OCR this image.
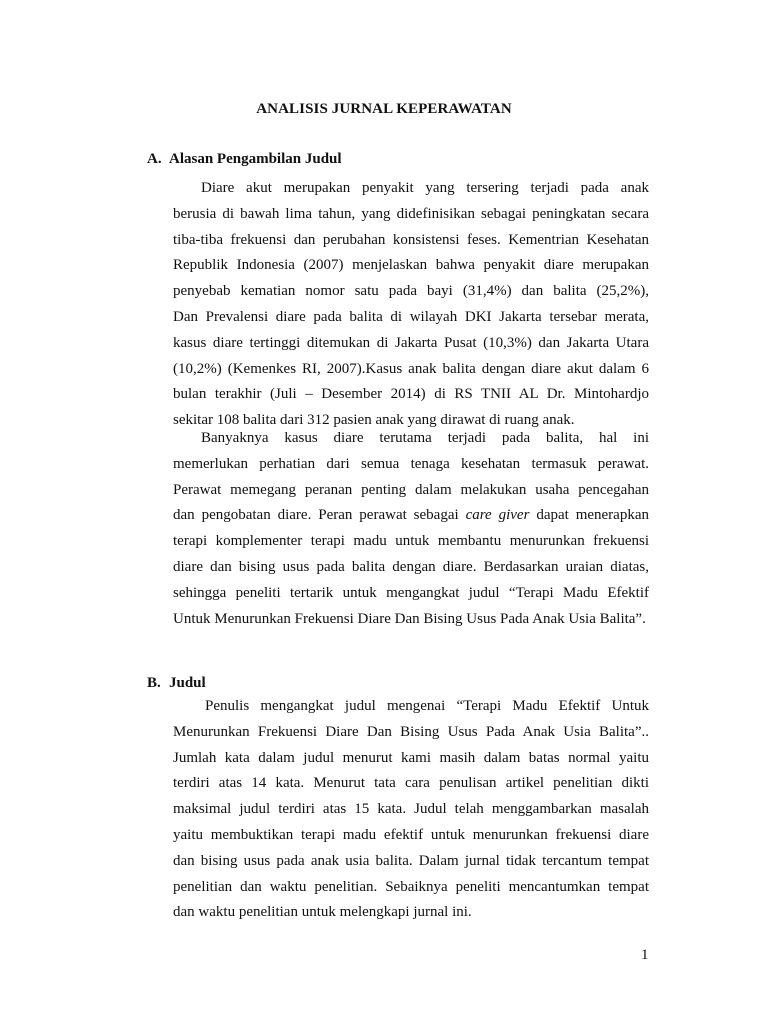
ANALISIS JURNAL KEPERAWATAN
A. Alasan Pengambilan Judul
Diare akut merupakan penyakit yang tersering terjadi pada anak berusia di bawah lima tahun, yang didefinisikan sebagai peningkatan secara tiba-tiba frekuensi dan perubahan konsistensi feses. Kementrian Kesehatan Republik Indonesia (2007) menjelaskan bahwa penyakit diare merupakan penyebab kematian nomor satu pada bayi (31,4%) dan balita (25,2%), Dan Prevalensi diare pada balita di wilayah DKI Jakarta tersebar merata, kasus diare tertinggi ditemukan di Jakarta Pusat (10,3%) dan Jakarta Utara (10,2%) (Kemenkes RI, 2007).Kasus anak balita dengan diare akut dalam 6 bulan terakhir (Juli – Desember 2014) di RS TNII AL Dr. Mintohardjo sekitar 108 balita dari 312 pasien anak yang dirawat di ruang anak.
Banyaknya kasus diare terutama terjadi pada balita, hal ini memerlukan perhatian dari semua tenaga kesehatan termasuk perawat. Perawat memegang peranan penting dalam melakukan usaha pencegahan dan pengobatan diare. Peran perawat sebagai care giver dapat menerapkan terapi komplementer terapi madu untuk membantu menurunkan frekuensi diare dan bising usus pada balita dengan diare. Berdasarkan uraian diatas, sehingga peneliti tertarik untuk mengangkat judul “Terapi Madu Efektif Untuk Menurunkan Frekuensi Diare Dan Bising Usus Pada Anak Usia Balita”.
B. Judul
Penulis mengangkat judul mengenai “Terapi Madu Efektif Untuk Menurunkan Frekuensi Diare Dan Bising Usus Pada Anak Usia Balita”.. Jumlah kata dalam judul menurut kami masih dalam batas normal yaitu terdiri atas 14 kata. Menurut tata cara penulisan artikel penelitian dikti maksimal judul terdiri atas 15 kata. Judul telah menggambarkan masalah yaitu membuktikan terapi madu efektif untuk menurunkan frekuensi diare dan bising usus pada anak usia balita. Dalam jurnal tidak tercantum tempat penelitian dan waktu penelitian. Sebaiknya peneliti mencantumkan tempat dan waktu penelitian untuk melengkapi jurnal ini.
1
